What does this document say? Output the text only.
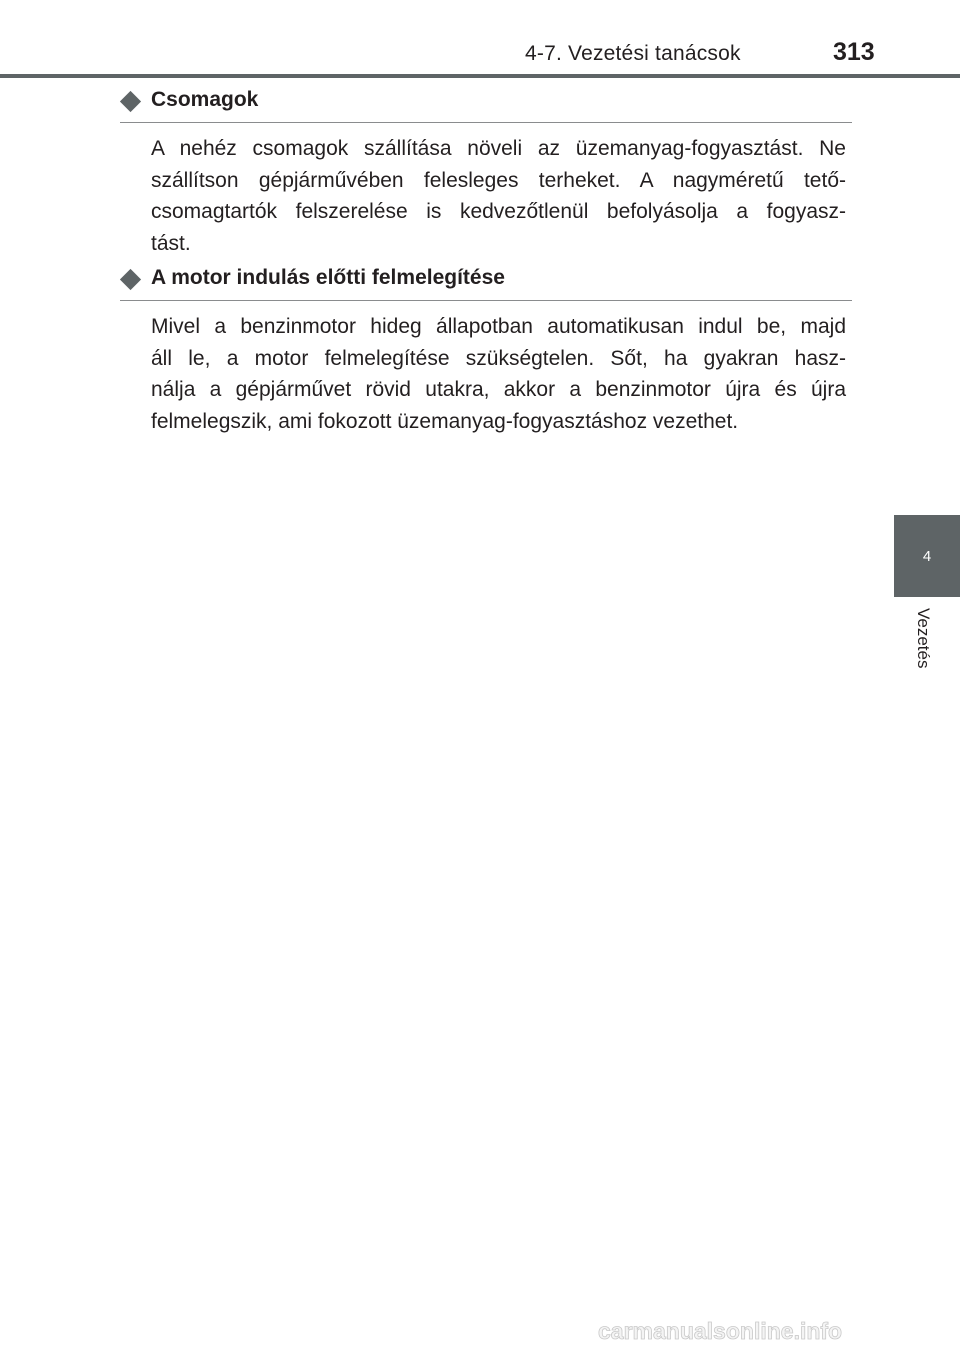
4-7. Vezetési tanácsok	313
4
Vezetés
Csomagok
A nehéz csomagok szállítása növeli az üzemanyag-fogyasztást. Ne
szállítson gépjárművében felesleges terheket. A nagyméretű tető-
csomagtartók felszerelése is kedvezőtlenül befolyásolja a fogyasz-
tást.
A motor indulás előtti felmelegítése
Mivel a benzinmotor hideg állapotban automatikusan indul be, majd
áll le, a motor felmelegítése szükségtelen. Sőt, ha gyakran hasz-
nálja a gépjárművet rövid utakra, akkor a benzinmotor újra és újra
felmelegszik, ami fokozott üzemanyag-fogyasztáshoz vezethet.
carmanualsonline.info
